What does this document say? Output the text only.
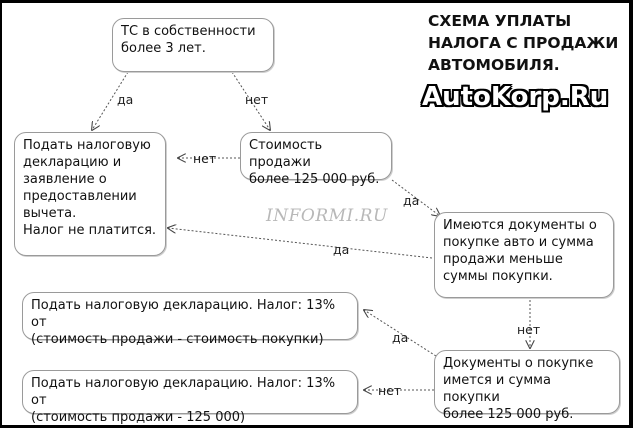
СХЕМА УПЛАТЫ
НАЛОГА С ПРОДАЖИ
АВТОМОБИЛЯ.
AutoKorp.Ru
INFORMI.RU
ТС в собственности
более 3 лет.
Подать налоговую
декларацию и
заявление о
предоставлении
вычета.
Налог не платится.
Стоимость продажи
более 125 000 руб.
Имеются документы о
покупке авто и сумма
продажи меньше
суммы покупки.
Подать налоговую декларацию. Налог: 13% от
(стоимость продажи - стоимость покупки)
Документы о покупке
имется и сумма покупки
более 125 000 руб.
Подать налоговую декларацию. Налог: 13% от
(стоимость продажи - 125 000)
да	нет
нет
да
да
нет
да
нет
